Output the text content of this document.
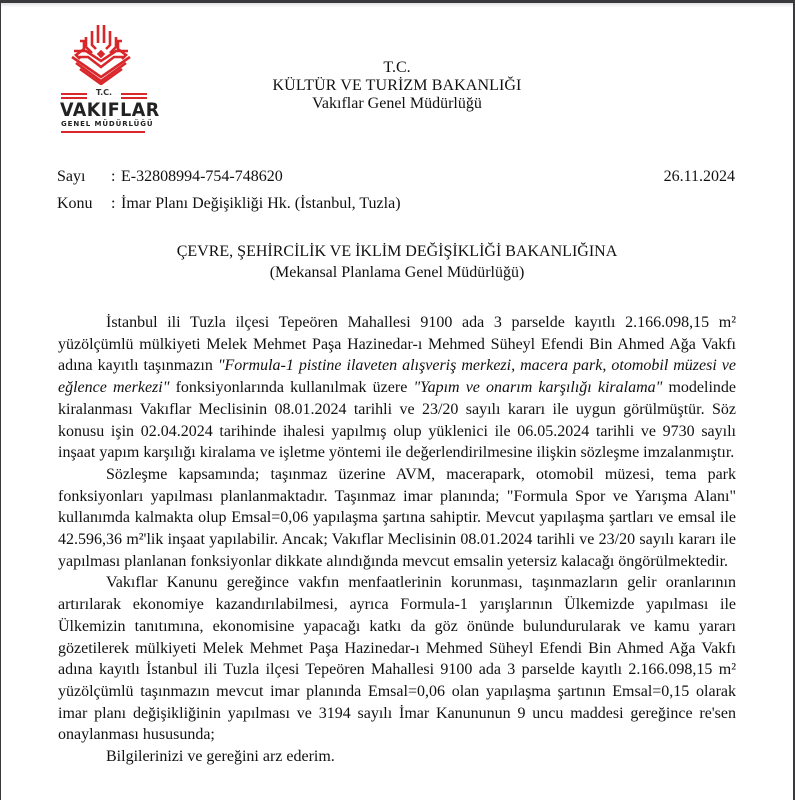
T.C.
VAKIFLAR
GENEL MÜDÜRLÜĞÜ
T.C.
KÜLTÜR VE TURİZM BAKANLIĞI
Vakıflar Genel Müdürlüğü
Sayı	: E-32808994-754-748620
Konu	: İmar Planı Değişikliği Hk. (İstanbul, Tuzla)
26.11.2024
ÇEVRE, ŞEHİRCİLİK VE İKLİM DEĞİŞİKLİĞİ BAKANLIĞINA
(Mekansal Planlama Genel Müdürlüğü)

İstanbul ili Tuzla ilçesi Tepeören Mahallesi 9100 ada 3 parselde kayıtlı 2.166.098,15 m² yüzölçümlü mülkiyeti Melek Mehmet Paşa Hazinedar-ı Mehmed Süheyl Efendi Bin Ahmed Ağa Vakfı adına kayıtlı taşınmazın "Formula-1 pistine ilaveten alışveriş merkezi, macera park, otomobil müzesi ve eğlence merkezi" fonksiyonlarında kullanılmak üzere "Yapım ve onarım karşılığı kiralama" modelinde kiralanması Vakıflar Meclisinin 08.01.2024 tarihli ve 23/20 sayılı kararı ile uygun görülmüştür. Söz konusu işin 02.04.2024 tarihinde ihalesi yapılmış olup yüklenici ile 06.05.2024 tarihli ve 9730 sayılı inşaat yapım karşılığı kiralama ve işletme yöntemi ile değerlendirilmesine ilişkin sözleşme imzalanmıştır.

Sözleşme kapsamında; taşınmaz üzerine AVM, macerapark, otomobil müzesi, tema park fonksiyonları yapılması planlanmaktadır. Taşınmaz imar planında; "Formula Spor ve Yarışma Alanı" kullanımda kalmakta olup Emsal=0,06 yapılaşma şartına sahiptir. Mevcut yapılaşma şartları ve emsal ile 42.596,36 m²'lik inşaat yapılabilir. Ancak; Vakıflar Meclisinin 08.01.2024 tarihli ve 23/20 sayılı kararı ile yapılması planlanan fonksiyonlar dikkate alındığında mevcut emsalin yetersiz kalacağı öngörülmektedir.

Vakıflar Kanunu gereğince vakfın menfaatlerinin korunması, taşınmazların gelir oranlarının artırılarak ekonomiye kazandırılabilmesi, ayrıca Formula-1 yarışlarının Ülkemizde yapılması ile Ülkemizin tanıtımına, ekonomisine yapacağı katkı da göz önünde bulundurularak ve kamu yararı gözetilerek mülkiyeti Melek Mehmet Paşa Hazinedar-ı Mehmed Süheyl Efendi Bin Ahmed Ağa Vakfı adına kayıtlı İstanbul ili Tuzla ilçesi Tepeören Mahallesi 9100 ada 3 parselde kayıtlı 2.166.098,15 m² yüzölçümlü taşınmazın mevcut imar planında Emsal=0,06 olan yapılaşma şartının Emsal=0,15 olarak imar planı değişikliğinin yapılması ve 3194 sayılı İmar Kanununun 9 uncu maddesi gereğince re'sen onaylanması hususunda;

Bilgilerinizi ve gereğini arz ederim.
